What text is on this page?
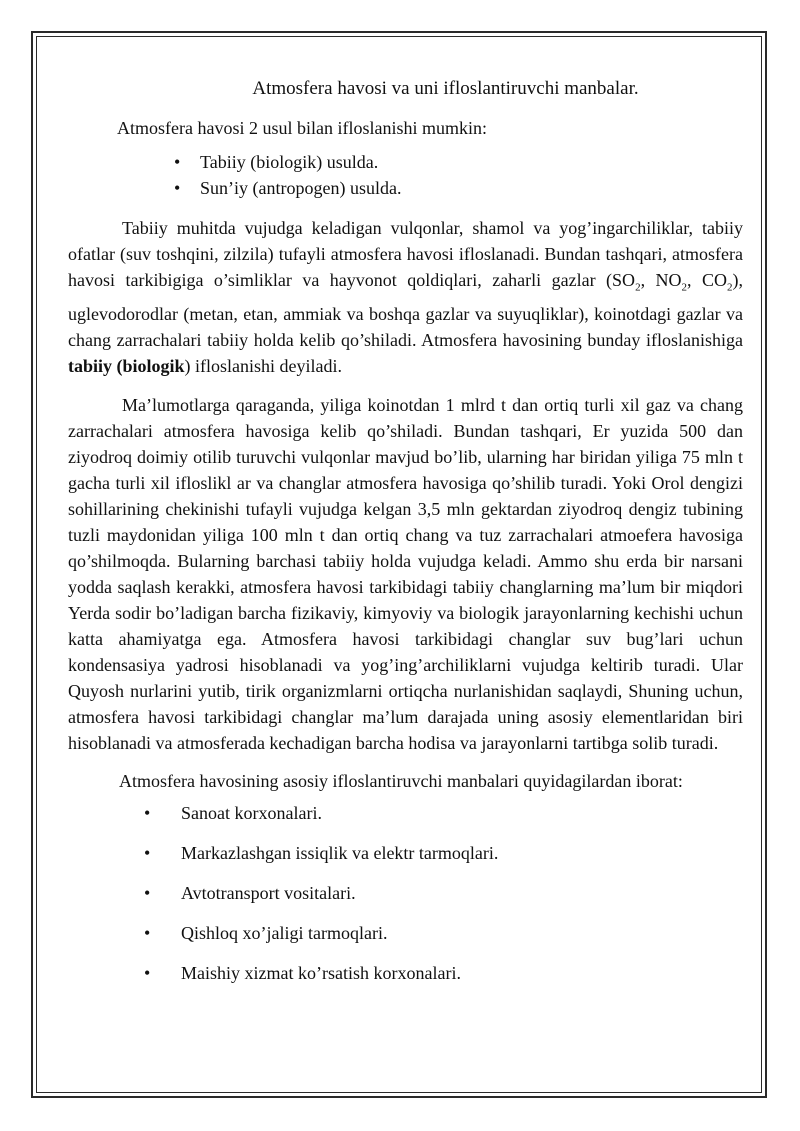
Atmosfera havosi va uni ifloslantiruvchi manbalar.

Atmosfera havosi 2 usul bilan ifloslanishi mumkin:

• Tabiiy (biologik) usulda.
• Sun’iy (antropogen) usulda.

Tabiiy muhitda vujudga keladigan vulqonlar, shamol va yog’ingarchiliklar, tabiiy ofatlar (suv toshqini, zilzila) tufayli atmosfera havosi ifloslanadi. Bundan tashqari, atmosfera havosi tarkibigiga o’simliklar va hayvonot qoldiqlari, zaharli gazlar ($SO_2$, $NO_2$, $CO_2$), uglevodorodlar (metan, etan, ammiak va boshqa gazlar va suyuqliklar), koinotdagi gazlar va chang zarrachalari tabiiy holda kelib qo’shiladi. Atmosfera havosining bunday ifloslanishiga tabiiy (biologik) ifloslanishi deyiladi.

Ma’lumotlarga qaraganda, yiliga koinotdan 1 mlrd t dan ortiq turli xil gaz va chang zarrachalari atmosfera havosiga kelib qo’shiladi. Bundan tashqari, Er yuzida 500 dan ziyodroq doimiy otilib turuvchi vulqonlar mavjud bo’lib, ularning har biridan yiliga 75 mln t gacha turli xil ifloslikl ar va changlar atmosfera havosiga qo’shilib turadi. Yoki Orol dengizi sohillarining chekinishi tufayli vujudga kelgan 3,5 mln gektardan ziyodroq dengiz tubining tuzli maydonidan yiliga 100 mln t dan ortiq chang va tuz zarrachalari atmoefera havosiga qo’shilmoqda. Bularning barchasi tabiiy holda vujudga keladi. Ammo shu erda bir narsani yodda saqlash kerakki, atmosfera havosi tarkibidagi tabiiy changlarning ma’lum bir miqdori Yerda sodir bo’ladigan barcha fizikaviy, kimyoviy va biologik jarayonlarning kechishi uchun katta ahamiyatga ega. Atmosfera havosi tarkibidagi changlar suv bug’lari uchun kondensasiya yadrosi hisoblanadi va yog’ing’archiliklarni vujudga keltirib turadi. Ular Quyosh nurlarini yutib, tirik organizmlarni ortiqcha nurlanishidan saqlaydi, Shuning uchun, atmosfera havosi tarkibidagi changlar ma’lum darajada uning asosiy elementlaridan biri hisoblanadi va atmosferada kechadigan barcha hodisa va jarayonlarni tartibga solib turadi.

Atmosfera havosining asosiy ifloslantiruvchi manbalari quyidagilardan iborat:

• Sanoat korxonalari.
• Markazlashgan issiqlik va elektr tarmoqlari.
• Avtotransport vositalari.
• Qishloq xo’jaligi tarmoqlari.
• Maishiy xizmat ko’rsatish korxonalari.
